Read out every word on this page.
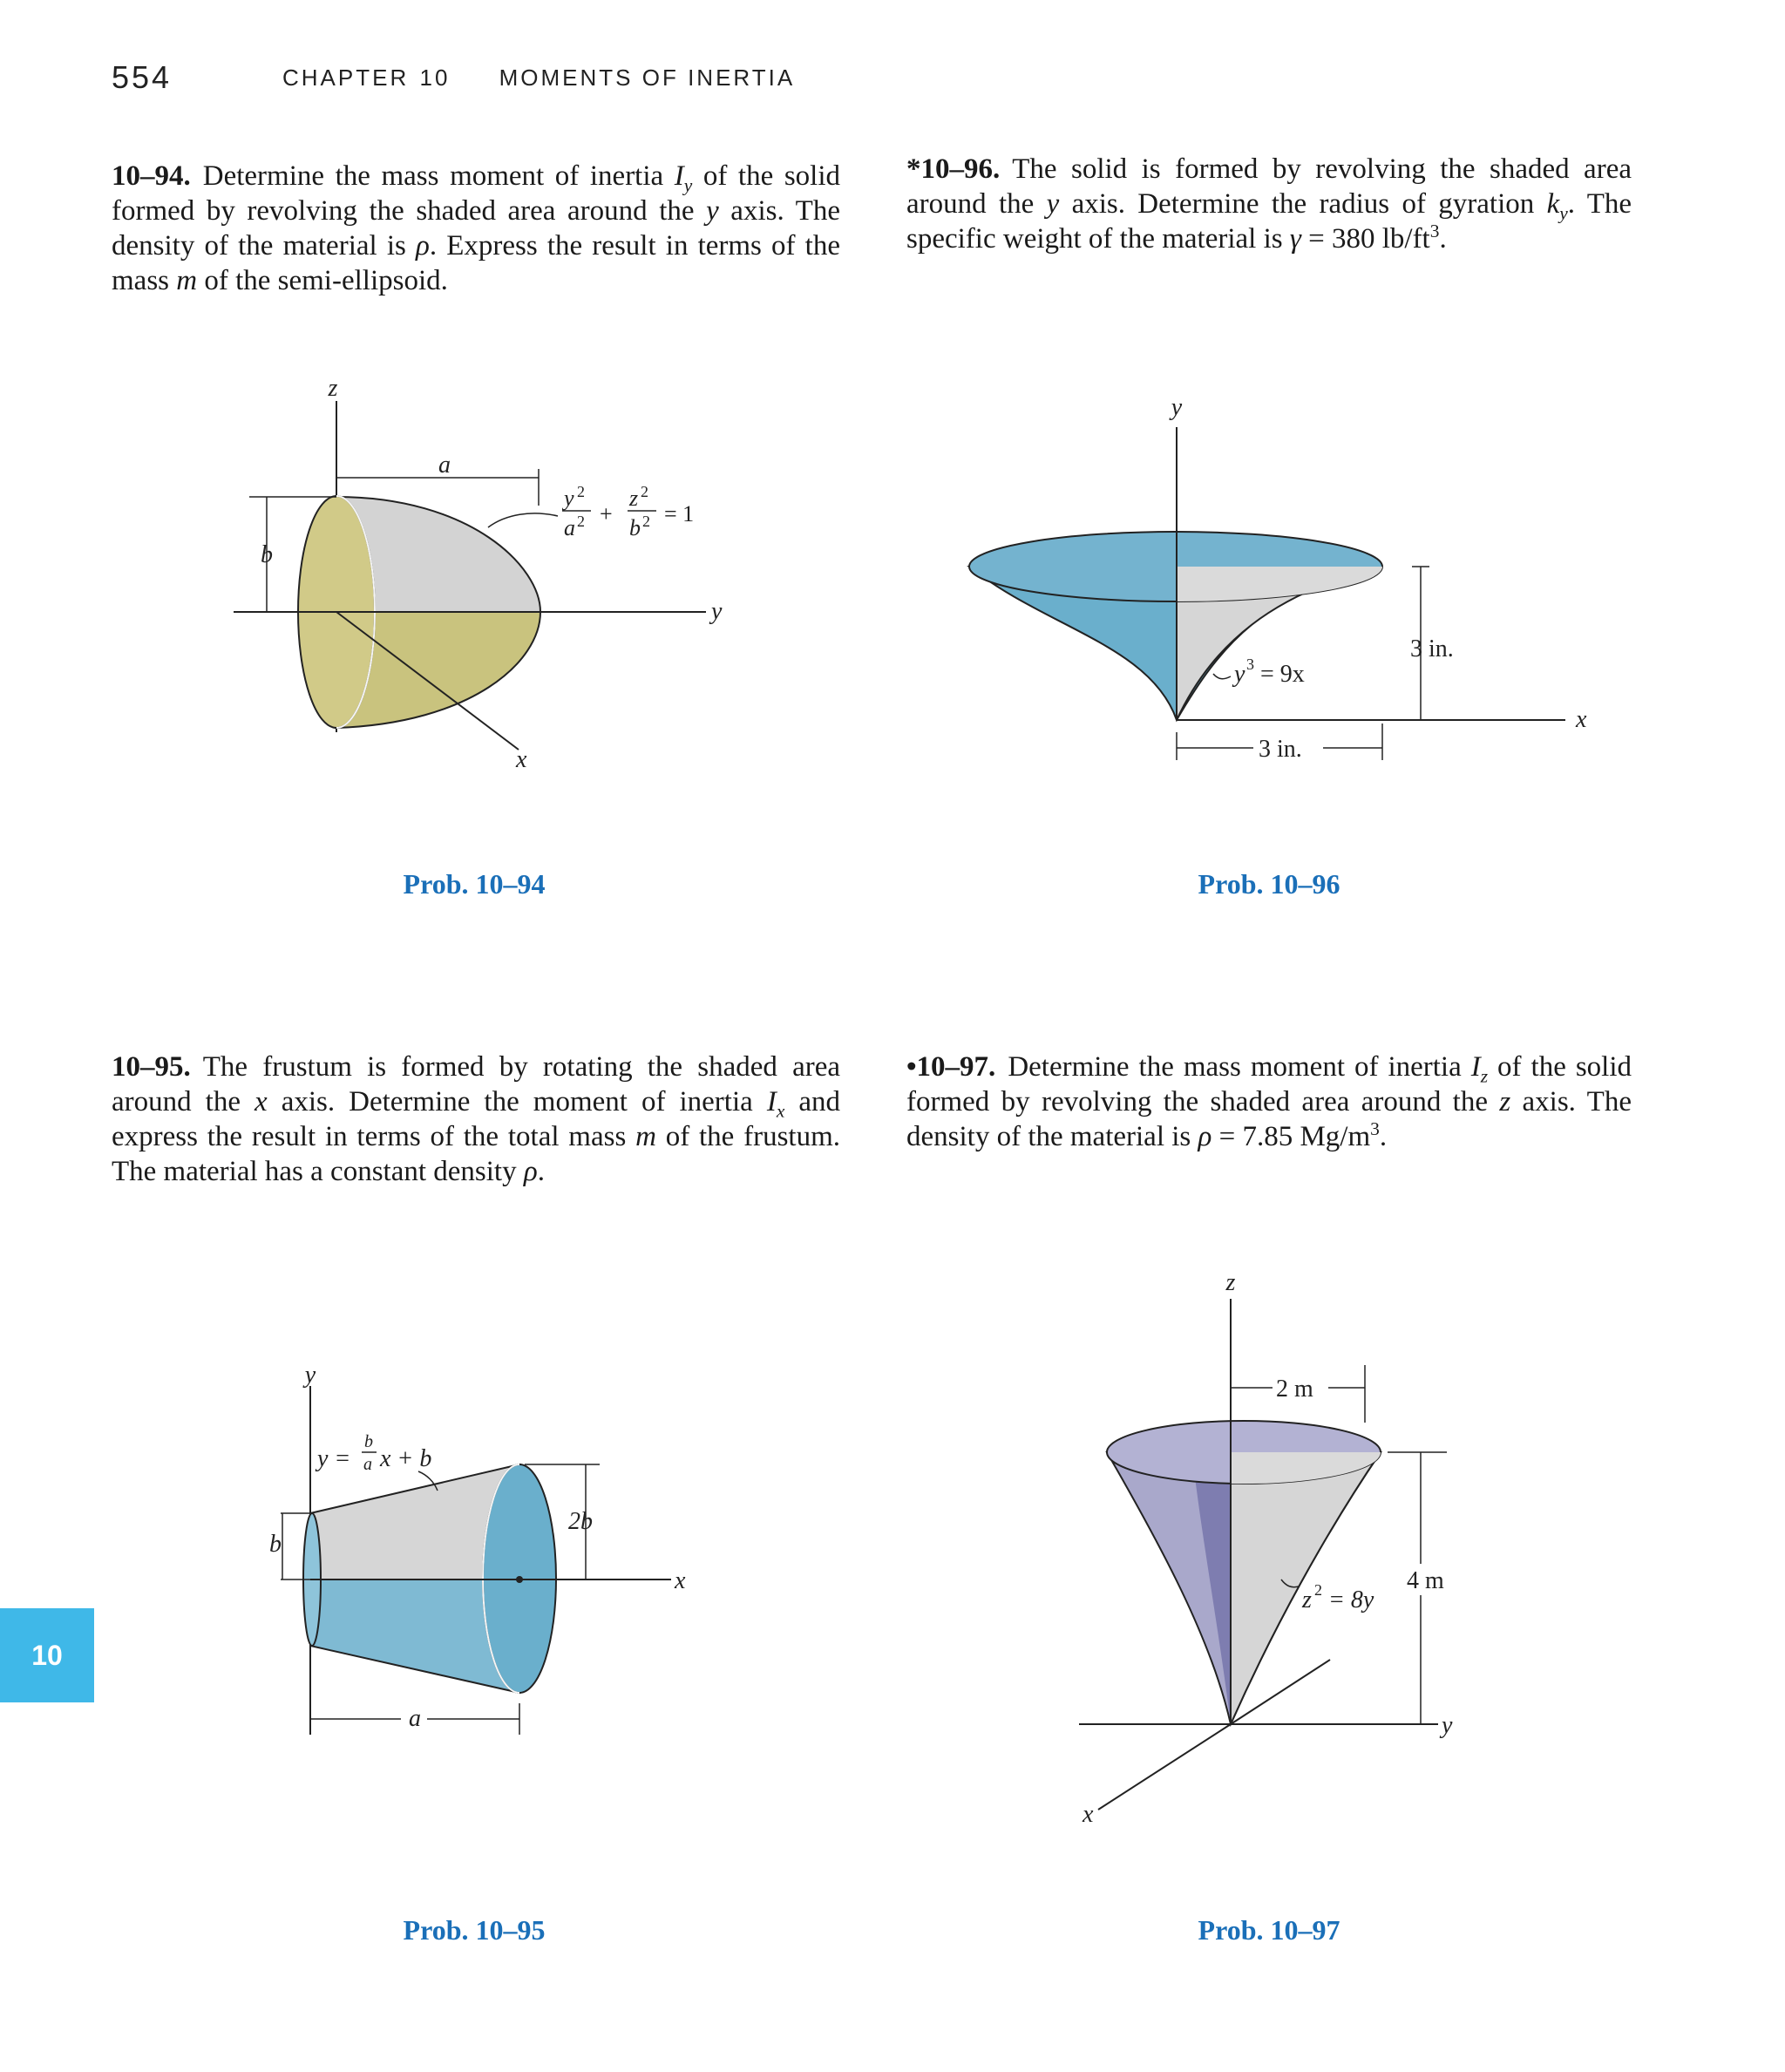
554	CHAPTER 10 MOMENTS OF INERTIA
10–94. Determine the mass moment of inertia $I_y$ of the solid formed by revolving the shaded area around the y axis. The density of the material is ρ. Express the result in terms of the mass m of the semi-ellipsoid.
*10–96. The solid is formed by revolving the shaded area around the y axis. Determine the radius of gyration $k_y$. The specific weight of the material is γ = 380 $lb/ft^3$.
z
a
b
y
x
y 2
a 2 +
z 2
b 2 = 1
Prob. 10–94
y
x
3 in.
3 in.
y 3 = 9x
Prob. 10–96
10–95. The frustum is formed by rotating the shaded area around the x axis. Determine the moment of inertia $I_x$ and express the result in terms of the total mass m of the frustum. The material has a constant density ρ.
•10–97. Determine the mass moment of inertia $I_z$ of the solid formed by revolving the shaded area around the z axis. The density of the material is ρ = 7.85 $Mg/m^3$.
y
x
2b
b
a
y =
b
a x + b
Prob. 10–95
z
y
x
2 m
4 m
z 2 = 8y
Prob. 10–97
10
